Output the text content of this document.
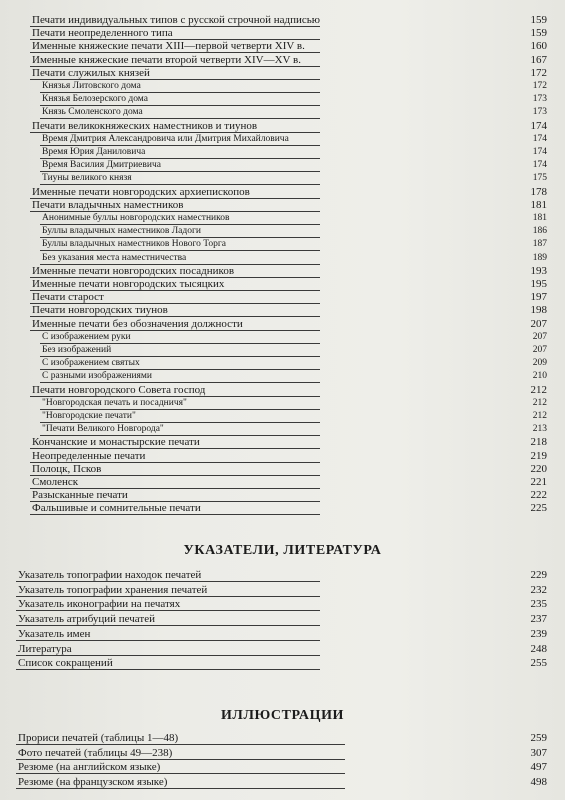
Печати индивидуальных типов с русской строчной надписью	159
Печати неопределенного типа	159
Именные княжеские печати XIII—первой четверти XIV в.	160
Именные княжеские печати второй четверти XIV—XV в.	167
Печати служилых князей	172
Князья Литовского дома	172
Князья Белозерского дома	173
Князь Смоленского дома	173
Печати великокняжеских наместников и тиунов	174
Время Дмитрия Александровича или Дмитрия Михайловича	174
Время Юрия Даниловича	174
Время Василия Дмитриевича	174
Тиуны великого князя	175
Именные печати новгородских архиепископов	178
Печати владычных наместников	181
Анонимные буллы новгородских наместников	181
Буллы владычных наместников Ладоги	186
Буллы владычных наместников Нового Торга	187
Без указания места наместничества	189
Именные печати новгородских посадников	193
Именные печати новгородских тысяцких	195
Печати старост	197
Печати новгородских тиунов	198
Именные печати без обозначения должности	207
С изображением руки	207
Без изображений	207
С изображением святых	209
С разными изображениями	210
Печати новгородского Совета господ	212
"Новгородская печать и посадничя"	212
"Новгородские печати"	212
"Печати Великого Новгорода"	213
Кончанские и монастырские печати	218
Неопределенные печати	219
Полоцк, Псков	220
Смоленск	221
Разысканные печати	222
Фальшивые и сомнительные печати	225
УКАЗАТЕЛИ, ЛИТЕРАТУРА
Указатель топографии находок печатей	229
Указатель топографии хранения печатей	232
Указатель иконографии на печатях	235
Указатель атрибуций печатей	237
Указатель имен	239
Литература	248
Список сокращений	255
ИЛЛЮСТРАЦИИ
Прориси печатей (таблицы 1—48)	259
Фото печатей (таблицы 49—238)	307
Резюме (на английском языке)	497
Резюме (на французском языке)	498
